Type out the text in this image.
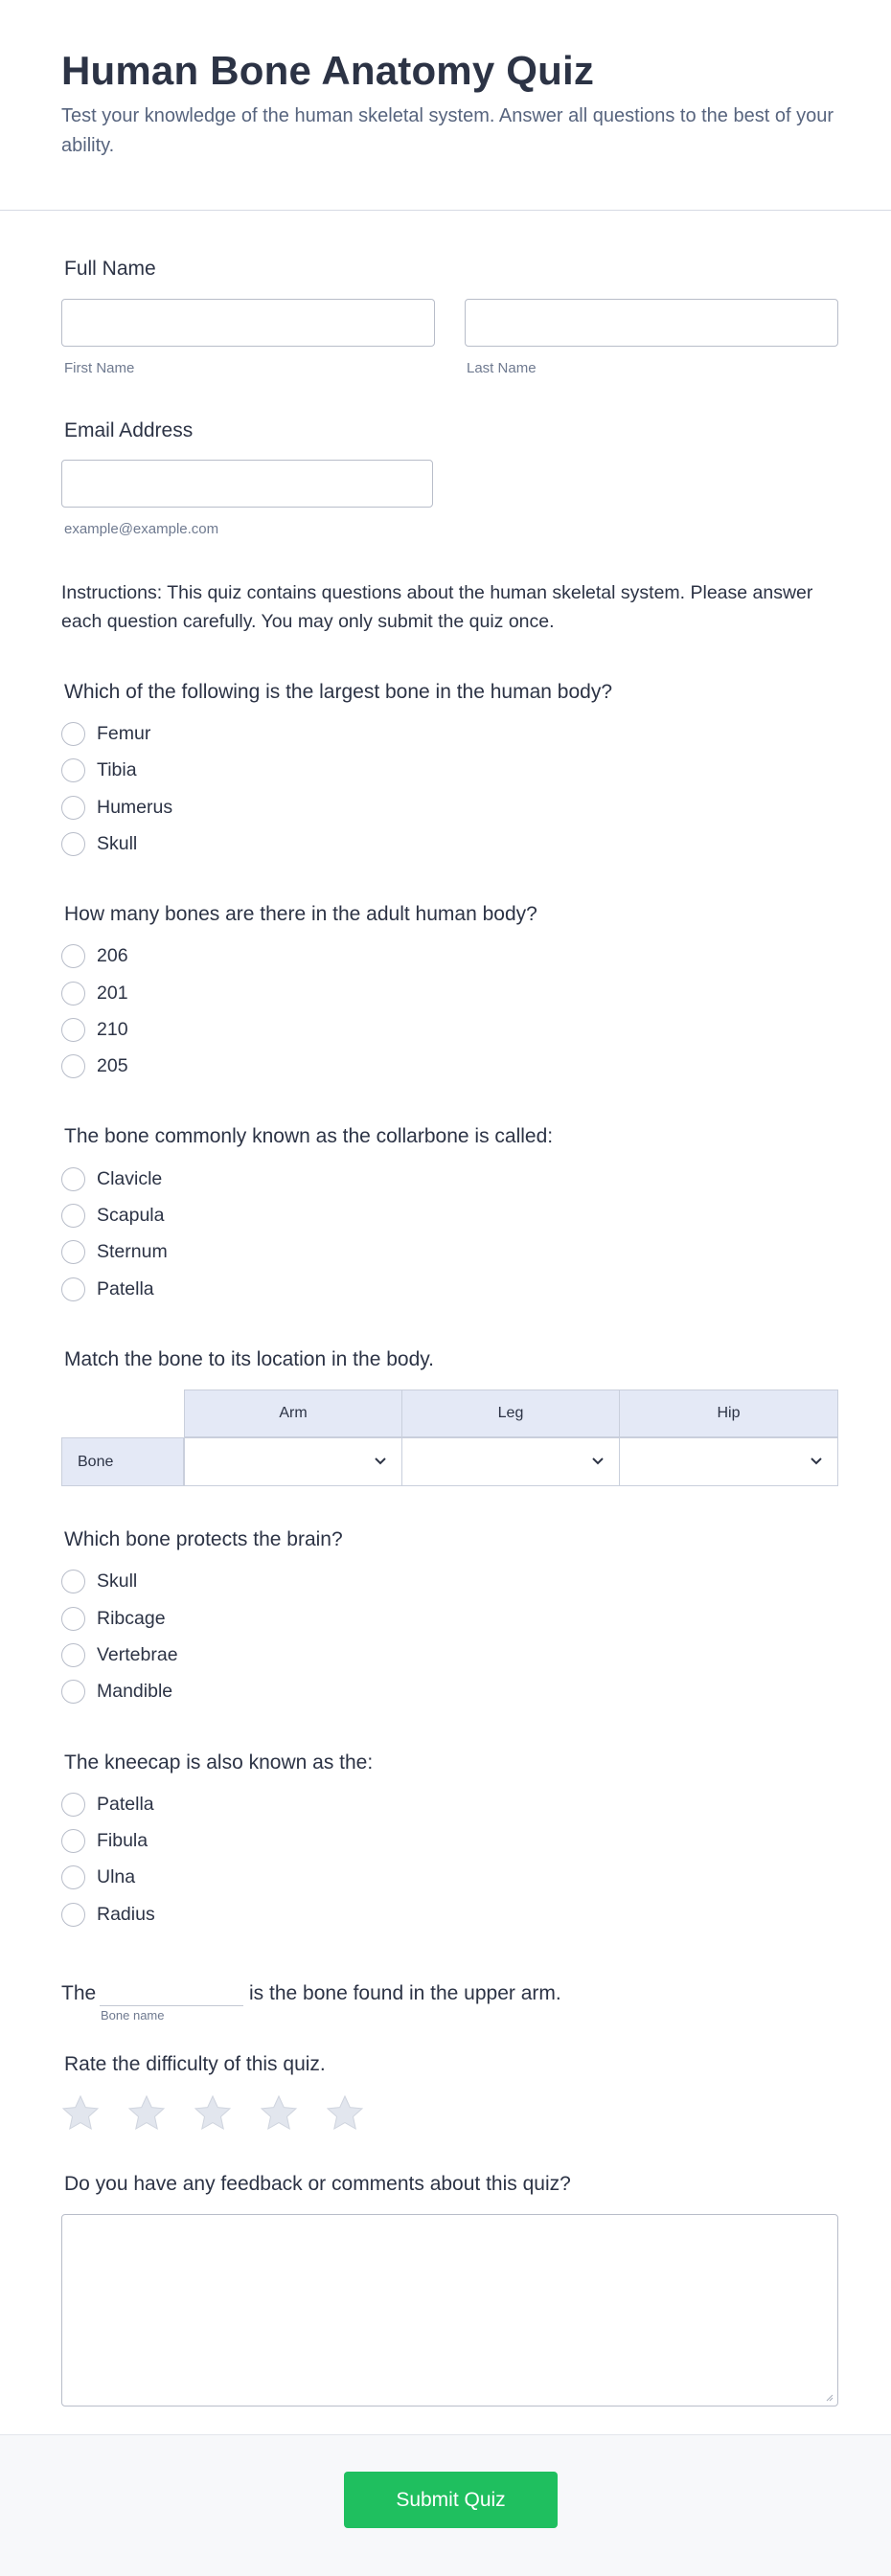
Human Bone Anatomy Quiz
Test your knowledge of the human skeletal system. Answer all questions to the best of your ability.
Full Name
First Name	Last Name
Email Address
example@example.com
Instructions: This quiz contains questions about the human skeletal system. Please answer each question carefully. You may only submit the quiz once.
Which of the following is the largest bone in the human body?
Femur
Tibia
Humerus
Skull
How many bones are there in the adult human body?
206
201
210
205
The bone commonly known as the collarbone is called:
Clavicle
Scapula
Sternum
Patella
Match the bone to its location in the body.
Arm	Leg	Hip
Bone
Which bone protects the brain?
Skull
Ribcage
Vertebrae
Mandible
The kneecap is also known as the:
Patella
Fibula
Ulna
Radius
The	is the bone found in the upper arm.
Bone name
Rate the difficulty of this quiz.
Do you have any feedback or comments about this quiz?
Submit Quiz
